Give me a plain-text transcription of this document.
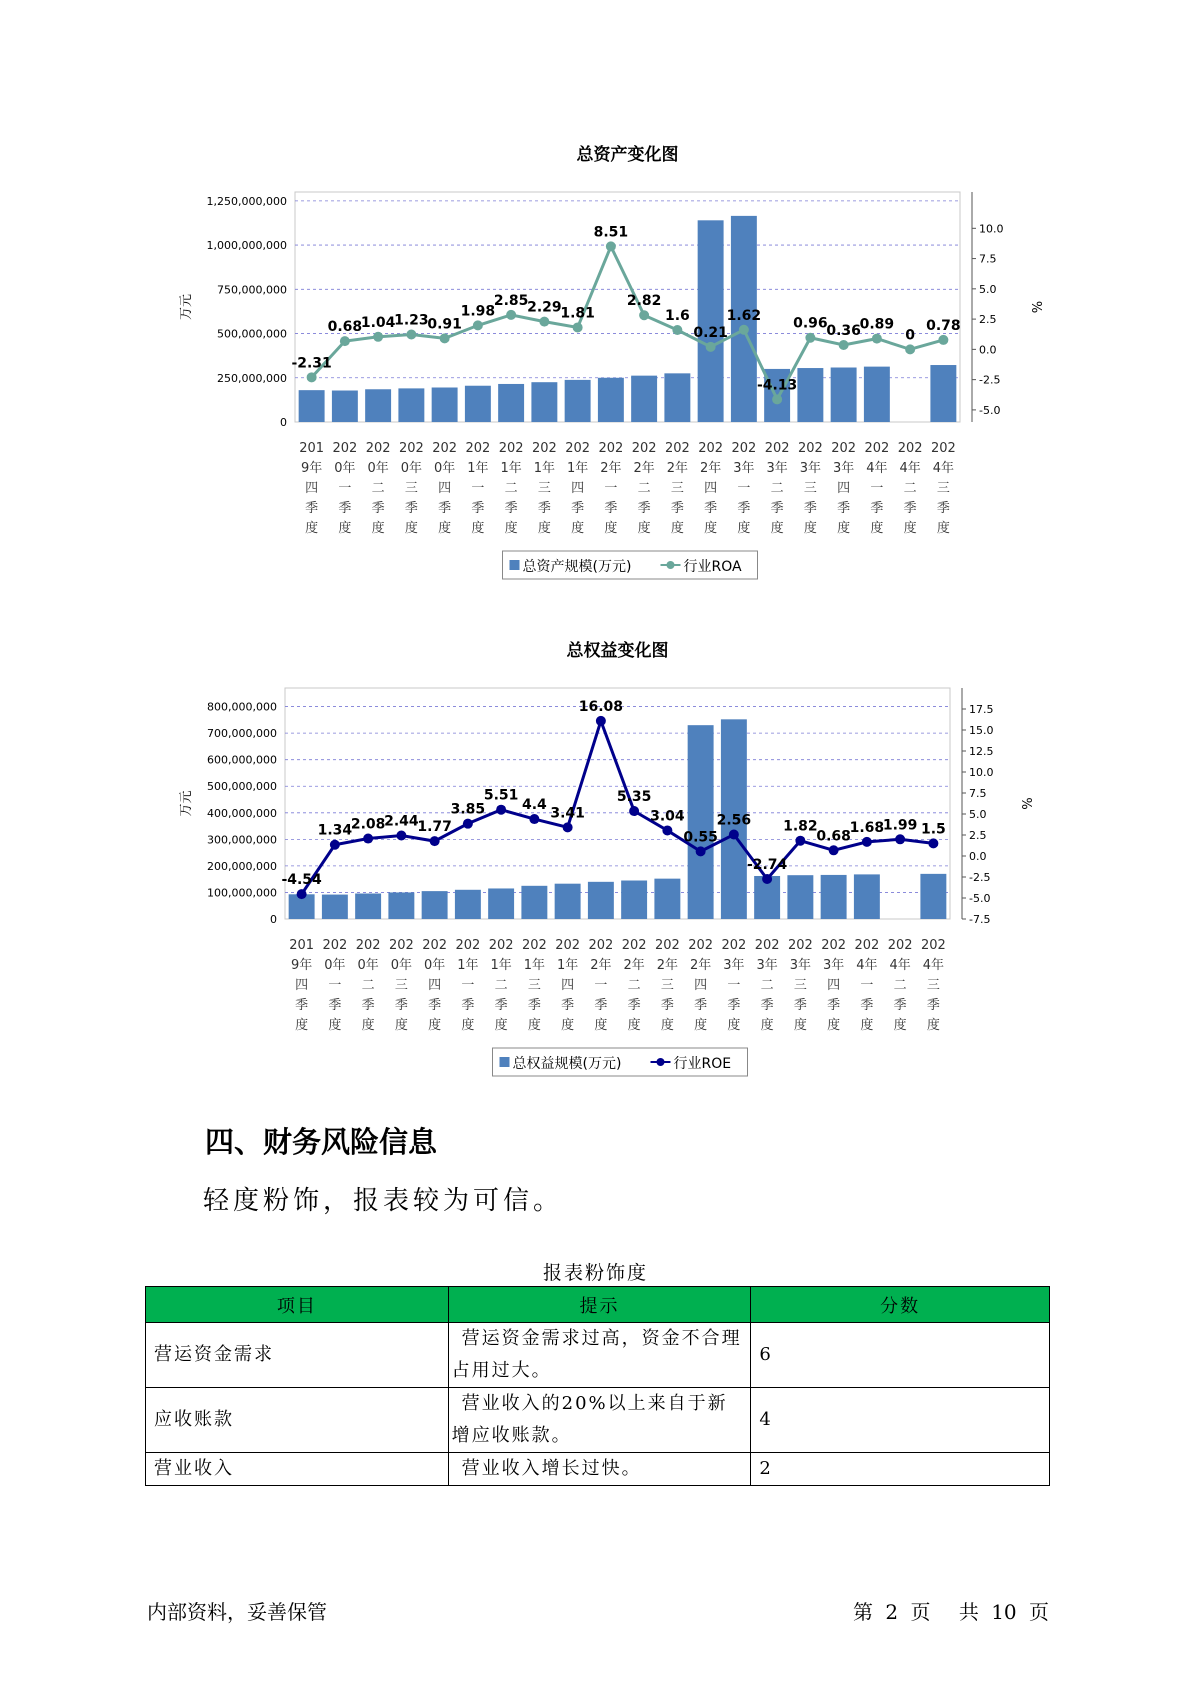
总资产变化图
0
250,000,000
500,000,000
750,000,000
1,000,000,000
1,250,000,000
-5.0
-2.5
0.0
2.5
5.0
7.5
10.0
万元	%
201
9年
四
季
度
202
0年
一
季
度
202
0年
二
季
度
202
0年
三
季
度
202
0年
四
季
度
202
1年
一
季
度
202
1年
二
季
度
202
1年
三
季
度
202
1年
四
季
度
202
2年
一
季
度
202
2年
二
季
度
202
2年
三
季
度
202
2年
四
季
度
202
3年
一
季
度
202
3年
二
季
度
202
3年
三
季
度
202
3年
四
季
度
202
4年
一
季
度
202
4年
二
季
度
202
4年
三
季
度
-2.31
0.68
1.04
1.23
0.91
1.98
2.85
2.29
1.81
8.51
2.82
1.6
0.21
1.62
-4.13
0.96
0.36
0.89
0
0.78
总资产规模(万元)	行业ROA
总权益变化图
0
100,000,000
200,000,000
300,000,000
400,000,000
500,000,000
600,000,000
700,000,000
800,000,000
-7.5
-5.0
-2.5
0.0
2.5
5.0
7.5
10.0
12.5
15.0
17.5
万元	%
201
9年
四
季
度
202
0年
一
季
度
202
0年
二
季
度
202
0年
三
季
度
202
0年
四
季
度
202
1年
一
季
度
202
1年
二
季
度
202
1年
三
季
度
202
1年
四
季
度
202
2年
一
季
度
202
2年
二
季
度
202
2年
三
季
度
202
2年
四
季
度
202
3年
一
季
度
202
3年
二
季
度
202
3年
三
季
度
202
3年
四
季
度
202
4年
一
季
度
202
4年
二
季
度
202
4年
三
季
度
-4.54
1.34
2.08
2.44
1.77
3.85
5.51
4.4
3.41
16.08
5.35
3.04
0.55
2.56
-2.74
1.82
0.68
1.68
1.99 1.5
总权益规模(万元)	行业ROE
四、财务风险信息

轻度粉饰，报表较为可信。

报表粉饰度
项目	提示	分数
营运资金需求	营运资金需求过高，资金不合理占用过大。	6
应收账款	营业收入的20%以上来自于新增应收账款。	4
营业收入	营业收入增长过快。	2
内部资料，妥善保管	第 2 页 共 10 页
